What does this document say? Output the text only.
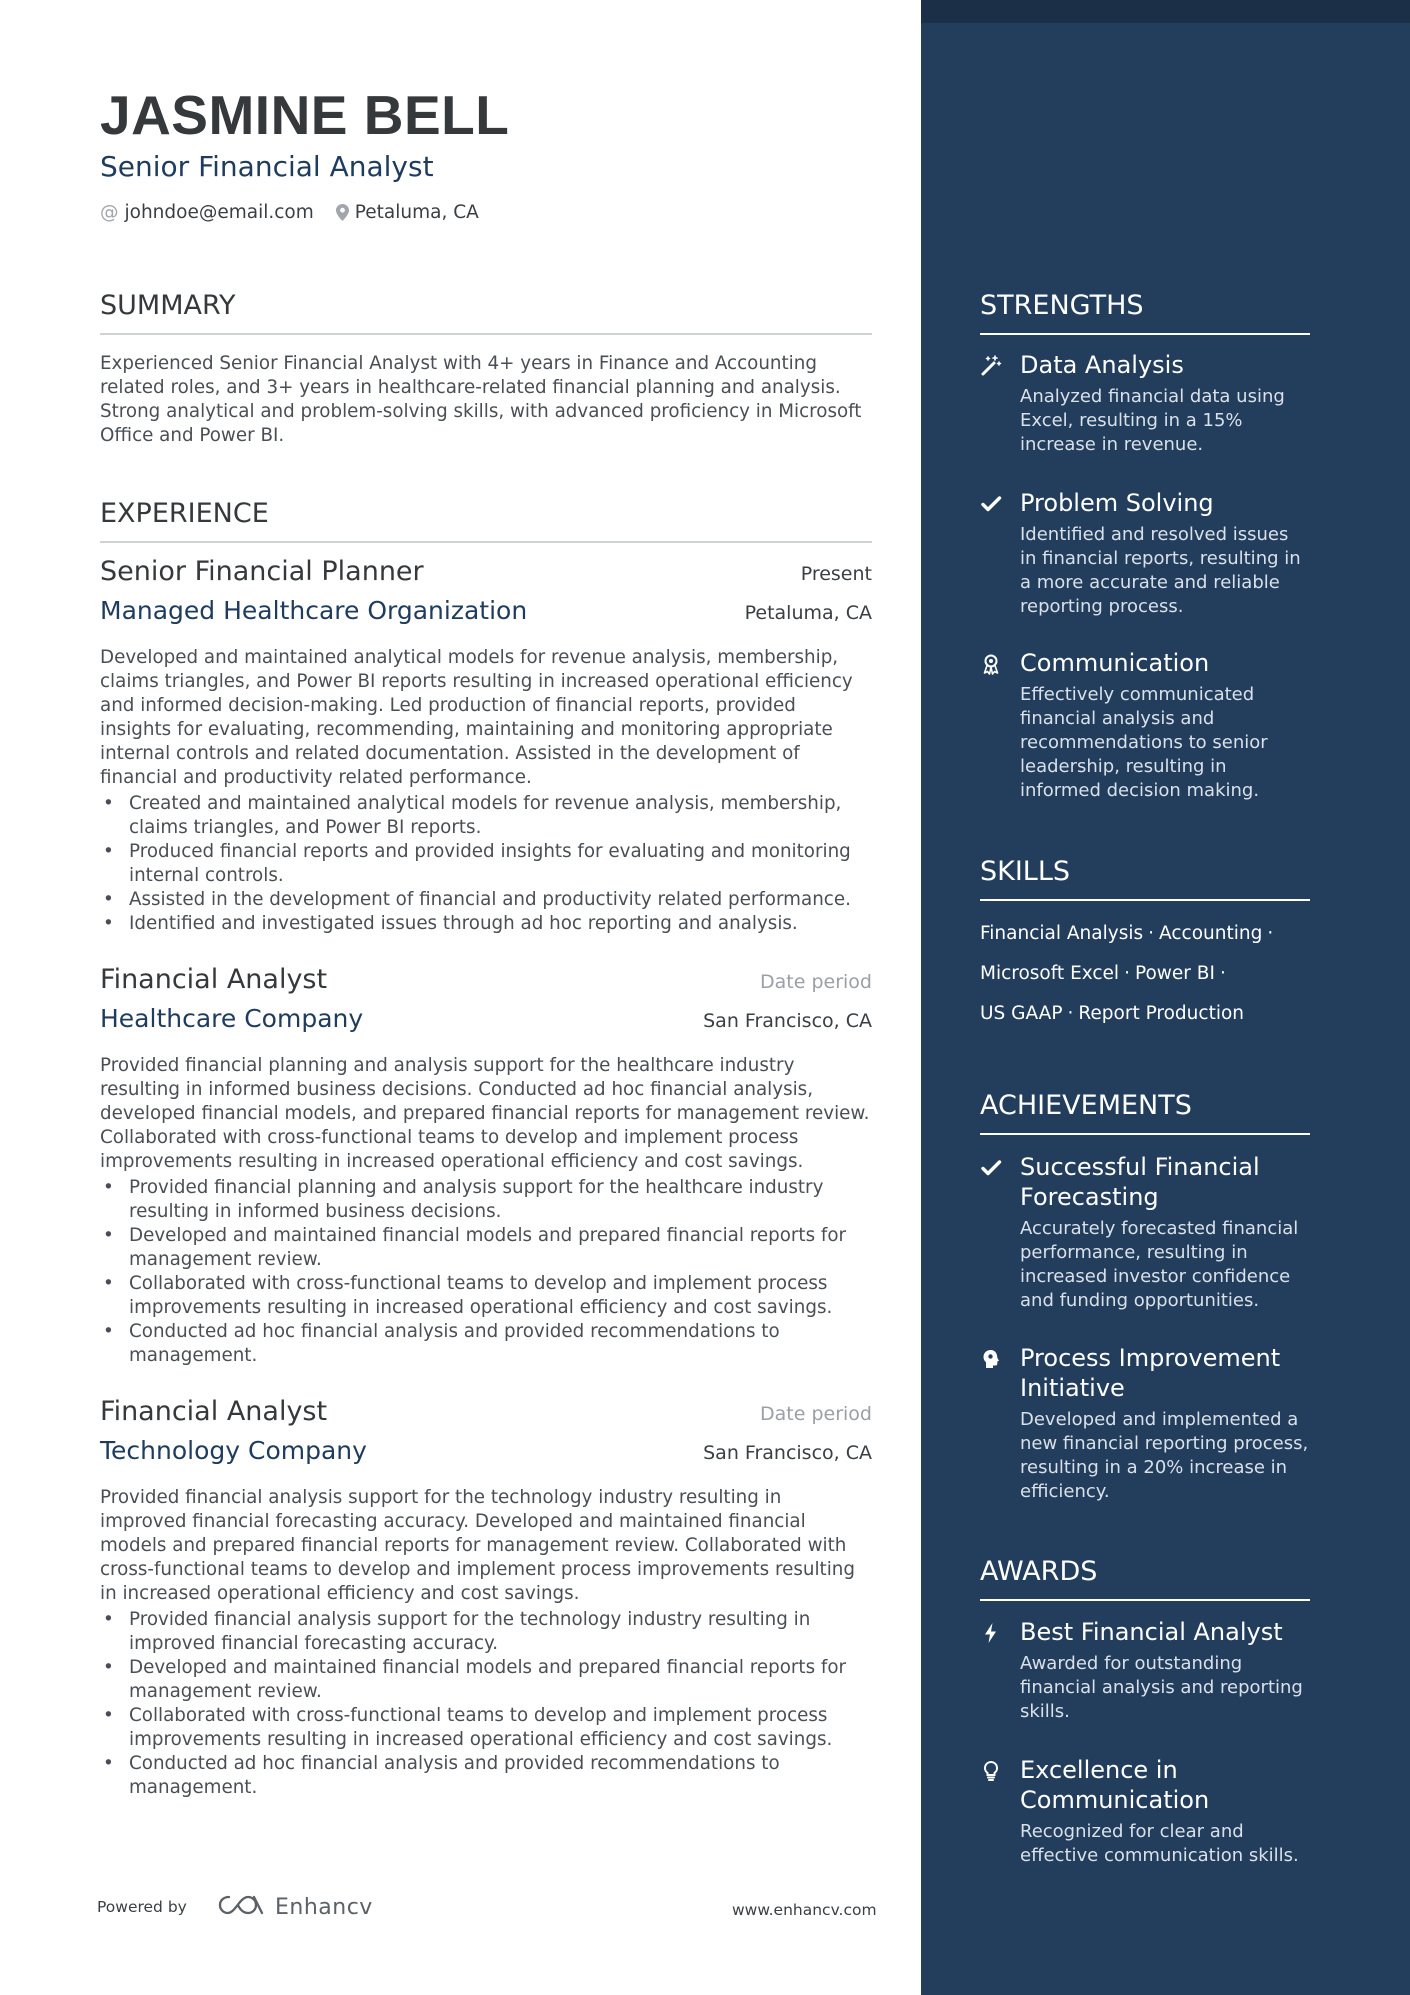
JASMINE BELL
Senior Financial Analyst
@ johndoe@email.com Petaluma, CA
SUMMARY
Experienced Senior Financial Analyst with 4+ years in Finance and Accounting related roles, and 3+ years in healthcare-related financial planning and analysis. Strong analytical and problem-solving skills, with advanced proficiency in Microsoft Office and Power BI.
EXPERIENCE
Senior Financial Planner	Present
Managed Healthcare Organization	Petaluma, CA
Developed and maintained analytical models for revenue analysis, membership, claims triangles, and Power BI reports resulting in increased operational efficiency and informed decision-making. Led production of financial reports, provided insights for evaluating, recommending, maintaining and monitoring appropriate internal controls and related documentation. Assisted in the development of financial and productivity related performance.
• Created and maintained analytical models for revenue analysis, membership, claims triangles, and Power BI reports.
• Produced financial reports and provided insights for evaluating and monitoring internal controls.
• Assisted in the development of financial and productivity related performance.
• Identified and investigated issues through ad hoc reporting and analysis.
Financial Analyst	Date period
Healthcare Company	San Francisco, CA
Provided financial planning and analysis support for the healthcare industry resulting in informed business decisions. Conducted ad hoc financial analysis, developed financial models, and prepared financial reports for management review. Collaborated with cross-functional teams to develop and implement process improvements resulting in increased operational efficiency and cost savings.
• Provided financial planning and analysis support for the healthcare industry resulting in informed business decisions.
• Developed and maintained financial models and prepared financial reports for management review.
• Collaborated with cross-functional teams to develop and implement process improvements resulting in increased operational efficiency and cost savings.
• Conducted ad hoc financial analysis and provided recommendations to management.
Financial Analyst	Date period
Technology Company	San Francisco, CA
Provided financial analysis support for the technology industry resulting in improved financial forecasting accuracy. Developed and maintained financial models and prepared financial reports for management review. Collaborated with cross-functional teams to develop and implement process improvements resulting in increased operational efficiency and cost savings.
• Provided financial analysis support for the technology industry resulting in improved financial forecasting accuracy.
• Developed and maintained financial models and prepared financial reports for management review.
• Collaborated with cross-functional teams to develop and implement process improvements resulting in increased operational efficiency and cost savings.
• Conducted ad hoc financial analysis and provided recommendations to management.
Powered by	Enhancv	www.enhancv.com
STRENGTHS
Data Analysis
Analyzed financial data using Excel, resulting in a 15% increase in revenue.
Problem Solving
Identified and resolved issues in financial reports, resulting in a more accurate and reliable reporting process.
Communication
Effectively communicated financial analysis and recommendations to senior leadership, resulting in informed decision making.
SKILLS
Financial Analysis · Accounting ·
Microsoft Excel · Power BI ·
US GAAP · Report Production
ACHIEVEMENTS
Successful Financial Forecasting
Accurately forecasted financial performance, resulting in increased investor confidence and funding opportunities.
Process Improvement Initiative
Developed and implemented a new financial reporting process, resulting in a 20% increase in efficiency.
AWARDS
Best Financial Analyst
Awarded for outstanding financial analysis and reporting skills.
Excellence in Communication
Recognized for clear and effective communication skills.
